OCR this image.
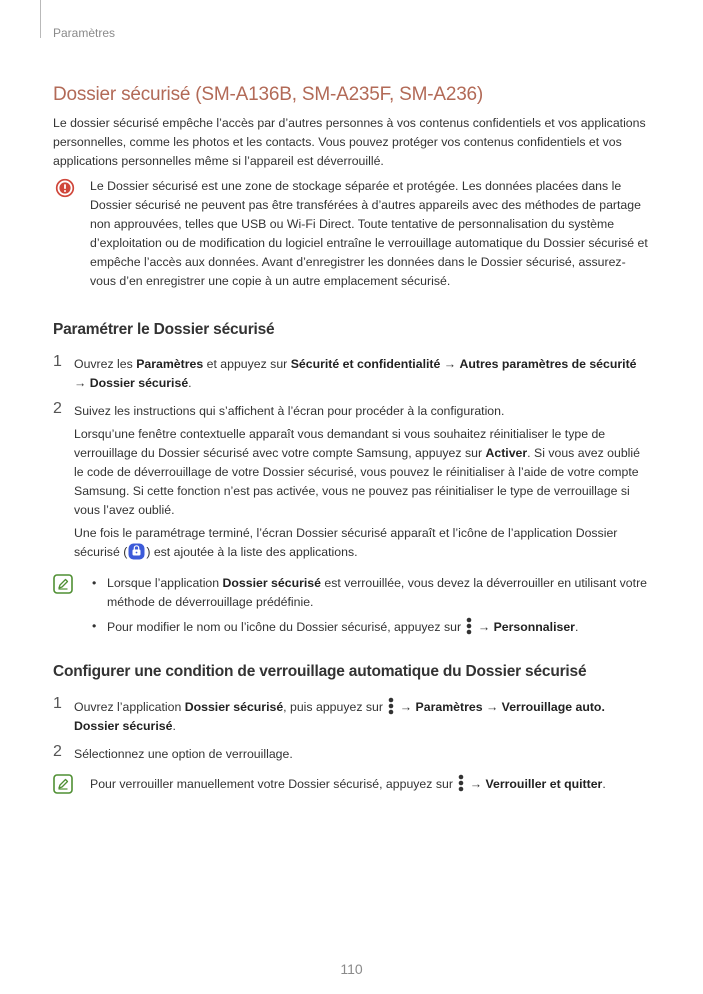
Paramètres
Dossier sécurisé (SM-A136B, SM-A235F, SM-A236)

Le dossier sécurisé empêche l’accès par d’autres personnes à vos contenus confidentiels et vos applications personnelles, comme les photos et les contacts. Vous pouvez protéger vos contenus confidentiels et vos applications personnelles même si l’appareil est déverrouillé.

Le Dossier sécurisé est une zone de stockage séparée et protégée. Les données placées dans le Dossier sécurisé ne peuvent pas être transférées à d’autres appareils avec des méthodes de partage non approuvées, telles que USB ou Wi-Fi Direct. Toute tentative de personnalisation du système d’exploitation ou de modification du logiciel entraîne le verrouillage automatique du Dossier sécurisé et empêche l’accès aux données. Avant d’enregistrer les données dans le Dossier sécurisé, assurez-vous d’en enregistrer une copie à un autre emplacement sécurisé.

Paramétrer le Dossier sécurisé
1 Ouvrez les Paramètres et appuyez sur Sécurité et confidentialité → Autres paramètres de sécurité → Dossier sécurisé.

2 Suivez les instructions qui s’affichent à l’écran pour procéder à la configuration.

Lorsqu’une fenêtre contextuelle apparaît vous demandant si vous souhaitez réinitialiser le type de verrouillage du Dossier sécurisé avec votre compte Samsung, appuyez sur Activer. Si vous avez oublié le code de déverrouillage de votre Dossier sécurisé, vous pouvez le réinitialiser à l’aide de votre compte Samsung. Si cette fonction n’est pas activée, vous ne pouvez pas réinitialiser le type de verrouillage si vous l’avez oublié.

Une fois le paramétrage terminé, l’écran Dossier sécurisé apparaît et l’icône de l’application Dossier sécurisé ( ) est ajoutée à la liste des applications.

• Lorsque l’application Dossier sécurisé est verrouillée, vous devez la déverrouiller en utilisant votre méthode de déverrouillage prédéfinie.
• Pour modifier le nom ou l’icône du Dossier sécurisé, appuyez sur  → Personnaliser.
Configurer une condition de verrouillage automatique du Dossier sécurisé
1 Ouvrez l’application Dossier sécurisé, puis appuyez sur  → Paramètres → Verrouillage auto. Dossier sécurisé.

2 Sélectionnez une option de verrouillage.

Pour verrouiller manuellement votre Dossier sécurisé, appuyez sur  → Verrouiller et quitter.

110
